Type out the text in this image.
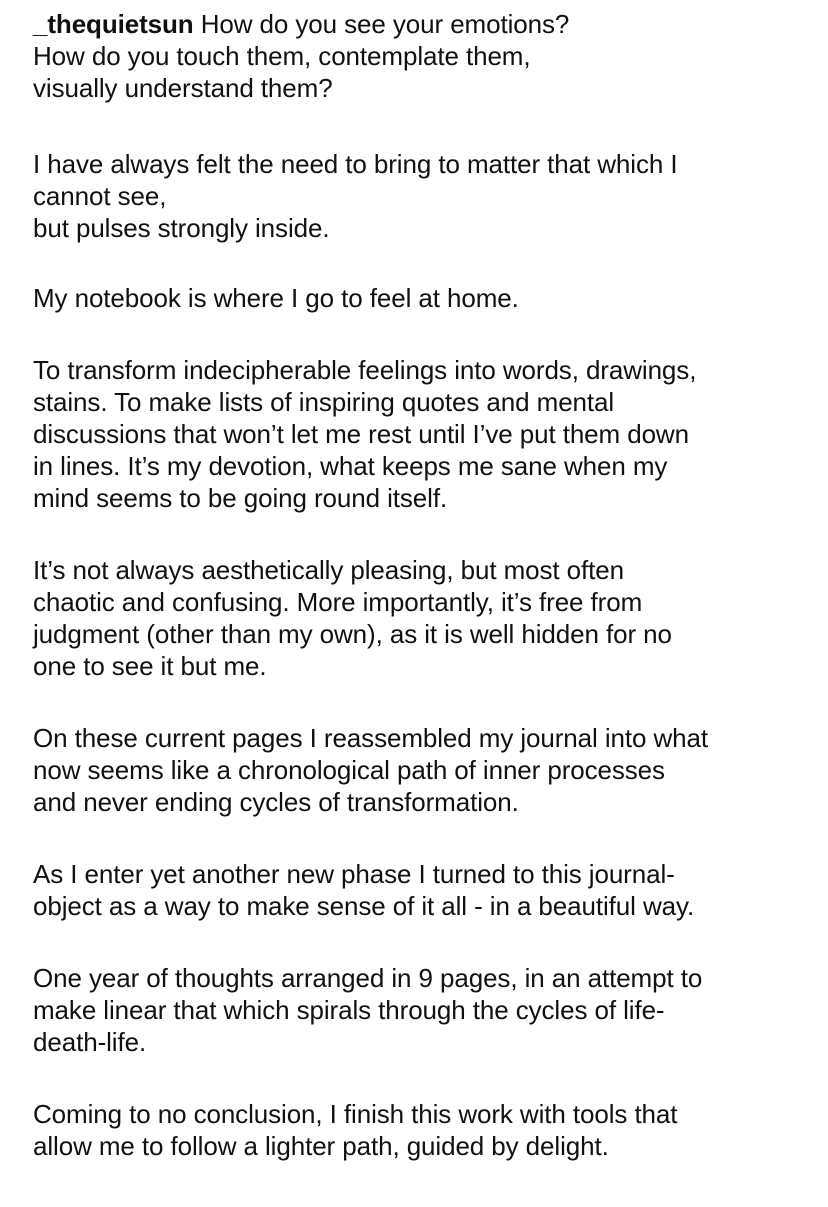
_thequietsun How do you see your emotions?
How do you touch them, contemplate them,
visually understand them?
I have always felt the need to bring to matter that which I
cannot see,
but pulses strongly inside.
My notebook is where I go to feel at home.
To transform indecipherable feelings into words, drawings,
stains. To make lists of inspiring quotes and mental
discussions that won’t let me rest until I’ve put them down
in lines. It’s my devotion, what keeps me sane when my
mind seems to be going round itself.
It’s not always aesthetically pleasing, but most often
chaotic and confusing. More importantly, it’s free from
judgment (other than my own), as it is well hidden for no
one to see it but me.
On these current pages I reassembled my journal into what
now seems like a chronological path of inner processes
and never ending cycles of transformation.
As I enter yet another new phase I turned to this journal-
object as a way to make sense of it all - in a beautiful way.
One year of thoughts arranged in 9 pages, in an attempt to
make linear that which spirals through the cycles of life-
death-life.
Coming to no conclusion, I finish this work with tools that
allow me to follow a lighter path, guided by delight.
